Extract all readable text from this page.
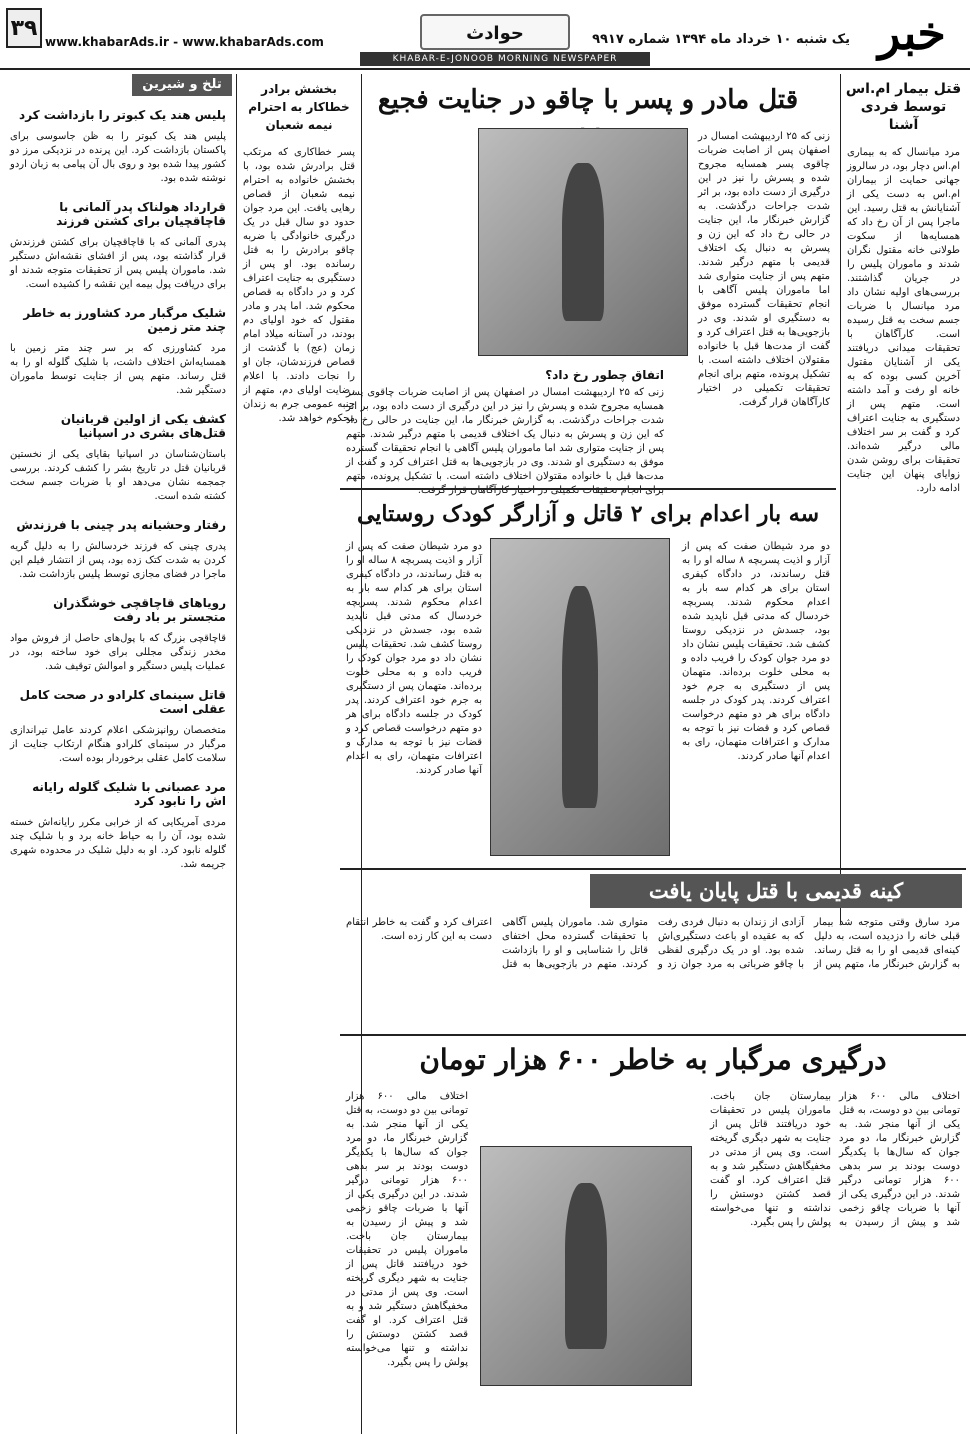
خبر
یک شنبه ۱۰ خرداد ماه ۱۳۹۴ شماره ۹۹۱۷
حوادث
www.khabarAds.ir - www.khabarAds.com
۳۹
KHABAR-E-JONOOB MORNING NEWSPAPER
قتل بیمار ام.اس توسط فردی آشنا
مرد میانسال که به بیماری ام.اس دچار بود، در سالروز جهانی حمایت از بیماران ام.اس به دست یکی از آشنایانش به قتل رسید. این ماجرا پس از آن رخ داد که همسایه‌ها از سکوت طولانی خانه مقتول نگران شدند و ماموران پلیس را در جریان گذاشتند. بررسی‌های اولیه نشان داد مرد میانسال با ضربات جسم سخت به قتل رسیده است. کارآگاهان با تحقیقات میدانی دریافتند یکی از آشنایان مقتول آخرین کسی بوده که به خانه او رفت و آمد داشته است. متهم پس از دستگیری به جنایت اعتراف کرد و گفت بر سر اختلاف مالی درگیر شده‌اند. تحقیقات برای روشن شدن زوایای پنهان این جنایت ادامه دارد.
قتل مادر و پسر با چاقو در جنایت فجیع
زنی که ۲۵ اردیبهشت امسال در اصفهان پس از اصابت ضربات چاقوی پسر همسایه مجروح شده و پسرش را نیز در این درگیری از دست داده بود، بر اثر شدت جراحات درگذشت. به گزارش خبرنگار ما، این جنایت در حالی رخ داد که این زن و پسرش به دنبال یک اختلاف قدیمی با متهم درگیر شدند. متهم پس از جنایت متواری شد اما ماموران پلیس آگاهی با انجام تحقیقات گسترده موفق به دستگیری او شدند. وی در بازجویی‌ها به قتل اعتراف کرد و گفت از مدت‌ها قبل با خانواده مقتولان اختلاف داشته است. با تشکیل پرونده، متهم برای انجام تحقیقات تکمیلی در اختیار کارآگاهان قرار گرفت.
اتفاق چطور رخ داد؟
زنی که ۲۵ اردیبهشت امسال در اصفهان پس از اصابت ضربات چاقوی پسر همسایه مجروح شده و پسرش را نیز در این درگیری از دست داده بود، بر اثر شدت جراحات درگذشت. به گزارش خبرنگار ما، این جنایت در حالی رخ داد که این زن و پسرش به دنبال یک اختلاف قدیمی با متهم درگیر شدند. متهم پس از جنایت متواری شد اما ماموران پلیس آگاهی با انجام تحقیقات گسترده موفق به دستگیری او شدند. وی در بازجویی‌ها به قتل اعتراف کرد و گفت از مدت‌ها قبل با خانواده مقتولان اختلاف داشته است. با تشکیل پرونده، متهم برای انجام تحقیقات تکمیلی در اختیار کارآگاهان قرار گرفت.
سه بار اعدام برای ۲ قاتل و آزارگر کودک روستایی
دو مرد شیطان صفت که پس از آزار و اذیت پسربچه ۸ ساله او را به قتل رساندند، در دادگاه کیفری استان برای هر کدام سه بار به اعدام محکوم شدند. پسربچه خردسال که مدتی قبل ناپدید شده بود، جسدش در نزدیکی روستا کشف شد. تحقیقات پلیس نشان داد دو مرد جوان کودک را فریب داده و به محلی خلوت برده‌اند. متهمان پس از دستگیری به جرم خود اعتراف کردند. پدر کودک در جلسه دادگاه برای هر دو متهم درخواست قصاص کرد و قضات نیز با توجه به مدارک و اعترافات متهمان، رای به اعدام آنها صادر کردند.
دو مرد شیطان صفت که پس از آزار و اذیت پسربچه ۸ ساله او را به قتل رساندند، در دادگاه کیفری استان برای هر کدام سه بار به اعدام محکوم شدند. پسربچه خردسال که مدتی قبل ناپدید شده بود، جسدش در نزدیکی روستا کشف شد. تحقیقات پلیس نشان داد دو مرد جوان کودک را فریب داده و به محلی خلوت برده‌اند. متهمان پس از دستگیری به جرم خود اعتراف کردند. پدر کودک در جلسه دادگاه برای هر دو متهم درخواست قصاص کرد و قضات نیز با توجه به مدارک و اعترافات متهمان، رای به اعدام آنها صادر کردند.
کینه قدیمی با قتل پایان یافت
مرد سارق وقتی متوجه شد بیمار قبلی خانه را دزدیده است، به دلیل کینه‌ای قدیمی او را به قتل رساند. به گزارش خبرنگار ما، متهم پس از آزادی از زندان به دنبال فردی رفت که به عقیده او باعث دستگیری‌اش شده بود. او در یک درگیری لفظی با چاقو ضرباتی به مرد جوان زد و متواری شد. ماموران پلیس آگاهی با تحقیقات گسترده محل اختفای قاتل را شناسایی و او را بازداشت کردند. متهم در بازجویی‌ها به قتل اعتراف کرد و گفت به خاطر انتقام دست به این کار زده است.
درگیری مرگبار به خاطر ۶۰۰ هزار تومان
اختلاف مالی ۶۰۰ هزار تومانی بین دو دوست، به قتل یکی از آنها منجر شد. به گزارش خبرنگار ما، دو مرد جوان که سال‌ها با یکدیگر دوست بودند بر سر بدهی ۶۰۰ هزار تومانی درگیر شدند. در این درگیری یکی از آنها با ضربات چاقو زخمی شد و پیش از رسیدن به بیمارستان جان باخت. ماموران پلیس در تحقیقات خود دریافتند قاتل پس از جنایت به شهر دیگری گریخته است. وی پس از مدتی در مخفیگاهش دستگیر شد و به قتل اعتراف کرد. او گفت قصد کشتن دوستش را نداشته و تنها می‌خواسته پولش را پس بگیرد.
اختلاف مالی ۶۰۰ هزار تومانی بین دو دوست، به قتل یکی از آنها منجر شد. به گزارش خبرنگار ما، دو مرد جوان که سال‌ها با یکدیگر دوست بودند بر سر بدهی ۶۰۰ هزار تومانی درگیر شدند. در این درگیری یکی از آنها با ضربات چاقو زخمی شد و پیش از رسیدن به بیمارستان جان باخت. ماموران پلیس در تحقیقات خود دریافتند قاتل پس از جنایت به شهر دیگری گریخته است. وی پس از مدتی در مخفیگاهش دستگیر شد و به قتل اعتراف کرد. او گفت قصد کشتن دوستش را نداشته و تنها می‌خواسته پولش را پس بگیرد.
بخشش برادر خطاکار به احترام نیمه شعبان
پسر خطاکاری که مرتکب قتل برادرش شده بود، با بخشش خانواده به احترام نیمه شعبان از قصاص رهایی یافت. این مرد جوان حدود دو سال قبل در یک درگیری خانوادگی با ضربه چاقو برادرش را به قتل رسانده بود. او پس از دستگیری به جنایت اعتراف کرد و در دادگاه به قصاص محکوم شد. اما پدر و مادر مقتول که خود اولیای دم بودند، در آستانه میلاد امام زمان (عج) با گذشت از قصاص فرزندشان، جان او را نجات دادند. با اعلام رضایت اولیای دم، متهم از جنبه عمومی جرم به زندان محکوم خواهد شد.
تلخ و شیرین
پلیس هند یک کبوتر را بازداشت کرد
پلیس هند یک کبوتر را به ظن جاسوسی برای پاکستان بازداشت کرد. این پرنده در نزدیکی مرز دو کشور پیدا شده بود و روی بال آن پیامی به زبان اردو نوشته شده بود.
قرارداد هولناک پدر آلمانی با قاچاقچیان برای کشتن فرزند
پدری آلمانی که با قاچاقچیان برای کشتن فرزندش قرار گذاشته بود، پس از افشای نقشه‌اش دستگیر شد. ماموران پلیس پس از تحقیقات متوجه شدند او برای دریافت پول بیمه این نقشه را کشیده است.
شلیک مرگبار مرد کشاورز به خاطر چند متر زمین
مرد کشاورزی که بر سر چند متر زمین با همسایه‌اش اختلاف داشت، با شلیک گلوله او را به قتل رساند. متهم پس از جنایت توسط ماموران دستگیر شد.
کشف یکی از اولین قربانیان قتل‌های بشری در اسپانیا
باستان‌شناسان در اسپانیا بقایای یکی از نخستین قربانیان قتل در تاریخ بشر را کشف کردند. بررسی جمجمه نشان می‌دهد او با ضربات جسم سخت کشته شده است.
رفتار وحشیانه پدر چینی با فرزندش
پدری چینی که فرزند خردسالش را به دلیل گریه کردن به شدت کتک زده بود، پس از انتشار فیلم این ماجرا در فضای مجازی توسط پلیس بازداشت شد.
رویاهای قاچاقچی خوشگذران متجستر بر باد رفت
قاچاقچی بزرگ که با پول‌های حاصل از فروش مواد مخدر زندگی مجللی برای خود ساخته بود، در عملیات پلیس دستگیر و اموالش توقیف شد.
قاتل سینمای کلرادو در صحت کامل عقلی است
متخصصان روانپزشکی اعلام کردند عامل تیراندازی مرگبار در سینمای کلرادو هنگام ارتکاب جنایت از سلامت کامل عقلی برخوردار بوده است.
مرد عصبانی با شلیک گلوله رایانه اش را نابود کرد
مردی آمریکایی که از خرابی مکرر رایانه‌اش خسته شده بود، آن را به حیاط خانه برد و با شلیک چند گلوله نابود کرد. او به دلیل شلیک در محدوده شهری جریمه شد.
